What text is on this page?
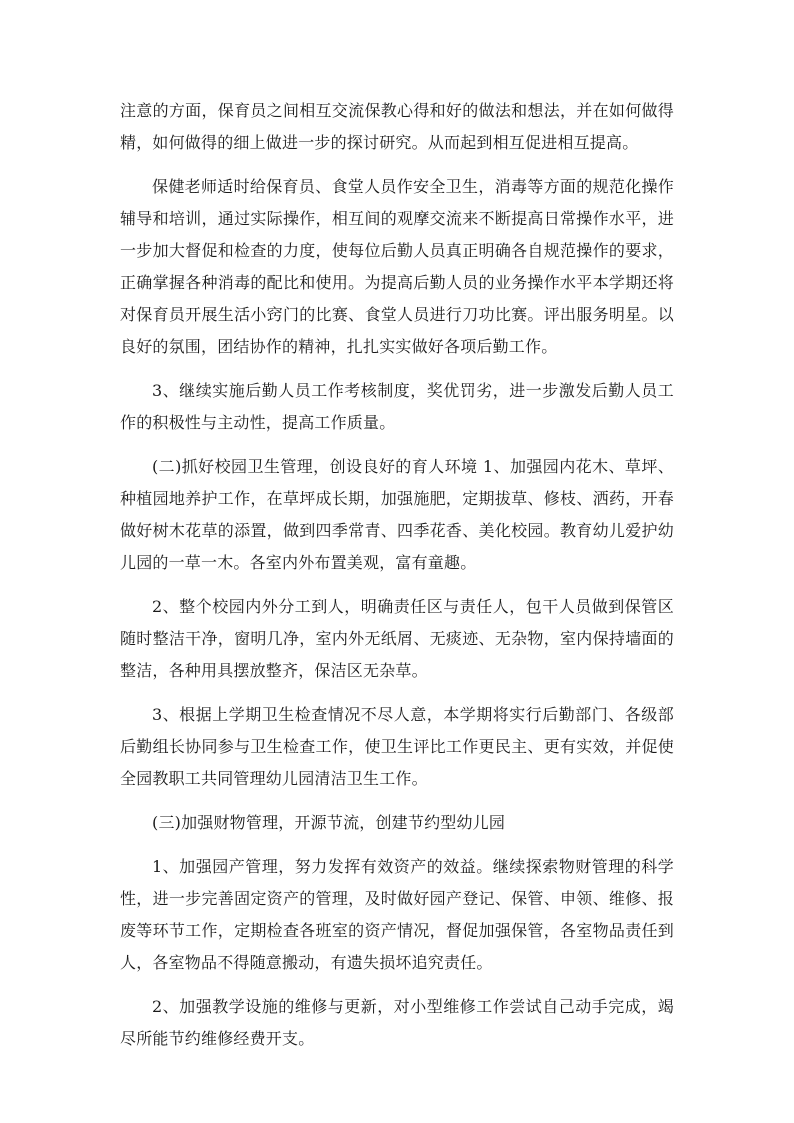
注意的方面，保育员之间相互交流保教心得和好的做法和想法，并在如何做得精，如何做得的细上做进一步的探讨研究。从而起到相互促进相互提高。

保健老师适时给保育员、食堂人员作安全卫生，消毒等方面的规范化操作辅导和培训，通过实际操作，相互间的观摩交流来不断提高日常操作水平，进一步加大督促和检查的力度，使每位后勤人员真正明确各自规范操作的要求，正确掌握各种消毒的配比和使用。为提高后勤人员的业务操作水平本学期还将对保育员开展生活小窍门的比赛、食堂人员进行刀功比赛。评出服务明星。以良好的氛围，团结协作的精神，扎扎实实做好各项后勤工作。

3、继续实施后勤人员工作考核制度，奖优罚劣，进一步激发后勤人员工作的积极性与主动性，提高工作质量。

(二)抓好校园卫生管理，创设良好的育人环境 1、加强园内花木、草坪、种植园地养护工作，在草坪成长期，加强施肥，定期拔草、修枝、洒药，开春做好树木花草的添置，做到四季常青、四季花香、美化校园。教育幼儿爱护幼儿园的一草一木。各室内外布置美观，富有童趣。

2、整个校园内外分工到人，明确责任区与责任人，包干人员做到保管区随时整洁干净，窗明几净，室内外无纸屑、无痰迹、无杂物，室内保持墙面的整洁，各种用具摆放整齐，保洁区无杂草。

3、根据上学期卫生检查情况不尽人意，本学期将实行后勤部门、各级部后勤组长协同参与卫生检查工作，使卫生评比工作更民主、更有实效，并促使全园教职工共同管理幼儿园清洁卫生工作。

(三)加强财物管理，开源节流，创建节约型幼儿园

1、加强园产管理，努力发挥有效资产的效益。继续探索物财管理的科学性，进一步完善固定资产的管理，及时做好园产登记、保管、申领、维修、报废等环节工作，定期检查各班室的资产情况，督促加强保管，各室物品责任到人，各室物品不得随意搬动，有遗失损坏追究责任。

2、加强教学设施的维修与更新，对小型维修工作尝试自己动手完成，竭尽所能节约维修经费开支。
